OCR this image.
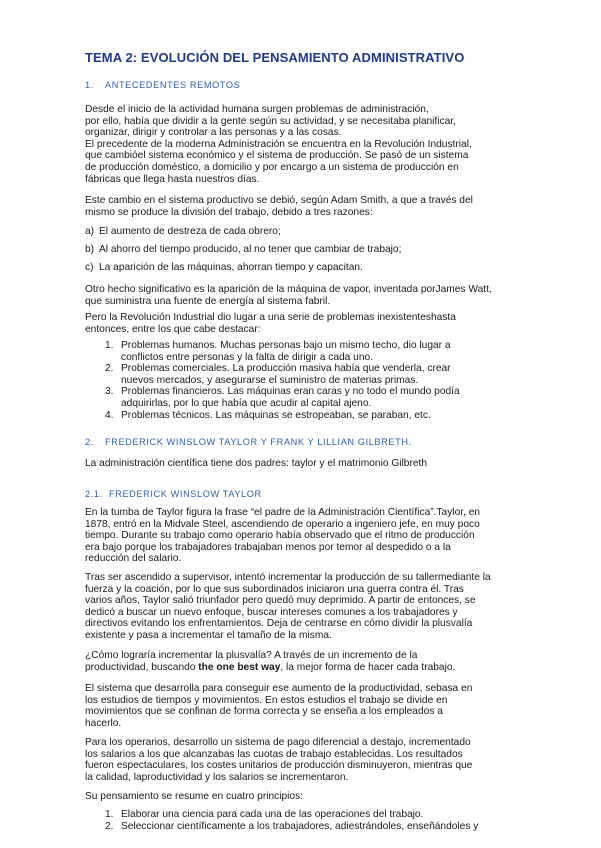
TEMA 2: EVOLUCIÓN DEL PENSAMIENTO ADMINISTRATIVO
1. ANTECEDENTES REMOTOS

Desde el inicio de la actividad humana surgen problemas de administración,
por ello, había que dividir a la gente según su actividad, y se necesitaba planificar,
organizar, dirigir y controlar a las personas y a las cosas.
El precedente de la moderna Administración se encuentra en la Revolución Industrial,
que cambióel sistema económico y el sistema de producción. Se pasó de un sistema
de producción doméstico, a domicilio y por encargo a un sistema de producción en
fábricas que llega hasta nuestros días.

Este cambio en el sistema productivo se debió, según Adam Smith, a que a través del
mismo se produce la división del trabajo, debido a tres razones:

a) El aumento de destreza de cada obrero;
b) Al ahorro del tiempo producido, al no tener que cambiar de trabajo;
c) La aparición de las máquinas, ahorran tiempo y capacitan.

Otro hecho significativo es la aparición de la máquina de vapor, inventada porJames Watt,
que suministra una fuente de energía al sistema fabril.

Pero la Revolución Industrial dio lugar a una serie de problemas inexistenteshasta
entonces, entre los que cabe destacar:

1. Problemas humanos. Muchas personas bajo un mismo techo, dio lugar a
conflictos entre personas y la falta de dirigir a cada uno.
2. Problemas comerciales. La producción masiva había que venderla, crear
nuevos mercados, y asegurarse el suministro de materias primas.
3. Problemas financieros. Las máquinas eran caras y no todo el mundo podía
adquirirlas, por lo que había que acudir al capital ajeno.
4. Problemas técnicos. Las máquinas se estropeaban, se paraban, etc.
2. FREDERICK WINSLOW TAYLOR Y FRANK Y LILLIAN GILBRETH.

La administración científica tiene dos padres: taylor y el matrimonio Gilbreth

2.1. FREDERICK WINSLOW TAYLOR

En la tumba de Taylor figura la frase “el padre de la Administración Científica”.Taylor, en
1878, entró en la Midvale Steel, ascendiendo de operario a ingeniero jefe, en muy poco
tiempo. Durante su trabajo como operario había observado que el ritmo de producción
era bajo porque los trabajadores trabajaban menos por temor al despedido o a la
reducción del salario.

Tras ser ascendido a supervisor, intentó incrementar la producción de su tallermediante la
fuerza y la coación, por lo que sus subordinados iniciaron una guerra contra él. Tras
varios años, Taylor salió triunfador pero quedó muy deprimido. A partir de entonces, se
dedicó a buscar un nuevo enfoque, buscar intereses comunes a los trabajadores y
directivos evitando los enfrentamientos. Deja de centrarse en cómo dividir la plusvalía
existente y pasa a incrementar el tamaño de la misma.

¿Cómo lograría incrementar la plusvalía? A través de un incremento de la
productividad, buscando the one best way, la mejor forma de hacer cada trabajo.

El sistema que desarrolla para conseguir ese aumento de la productividad, sebasa en
los estudios de tiempos y movimientos. En estos estudios el trabajo se divide en
movimientos que se confinan de forma correcta y se enseña a los empleados a
hacerlo.

Para los operarios, desarrollo un sistema de pago diferencial a destajo, incrementado
los salarios a los que alcanzabas las cuotas de trabajo establecidas. Los resultados
fueron espectaculares, los costes unitarios de producción disminuyeron, mientras que
la calidad, laproductividad y los salarios se incrementaron.

Su pensamiento se resume en cuatro principios:

1. Elaborar una ciencia para cada una de las operaciones del trabajo.
2. Seleccionar científicamente a los trabajadores, adiestrándoles, enseñándoles y
